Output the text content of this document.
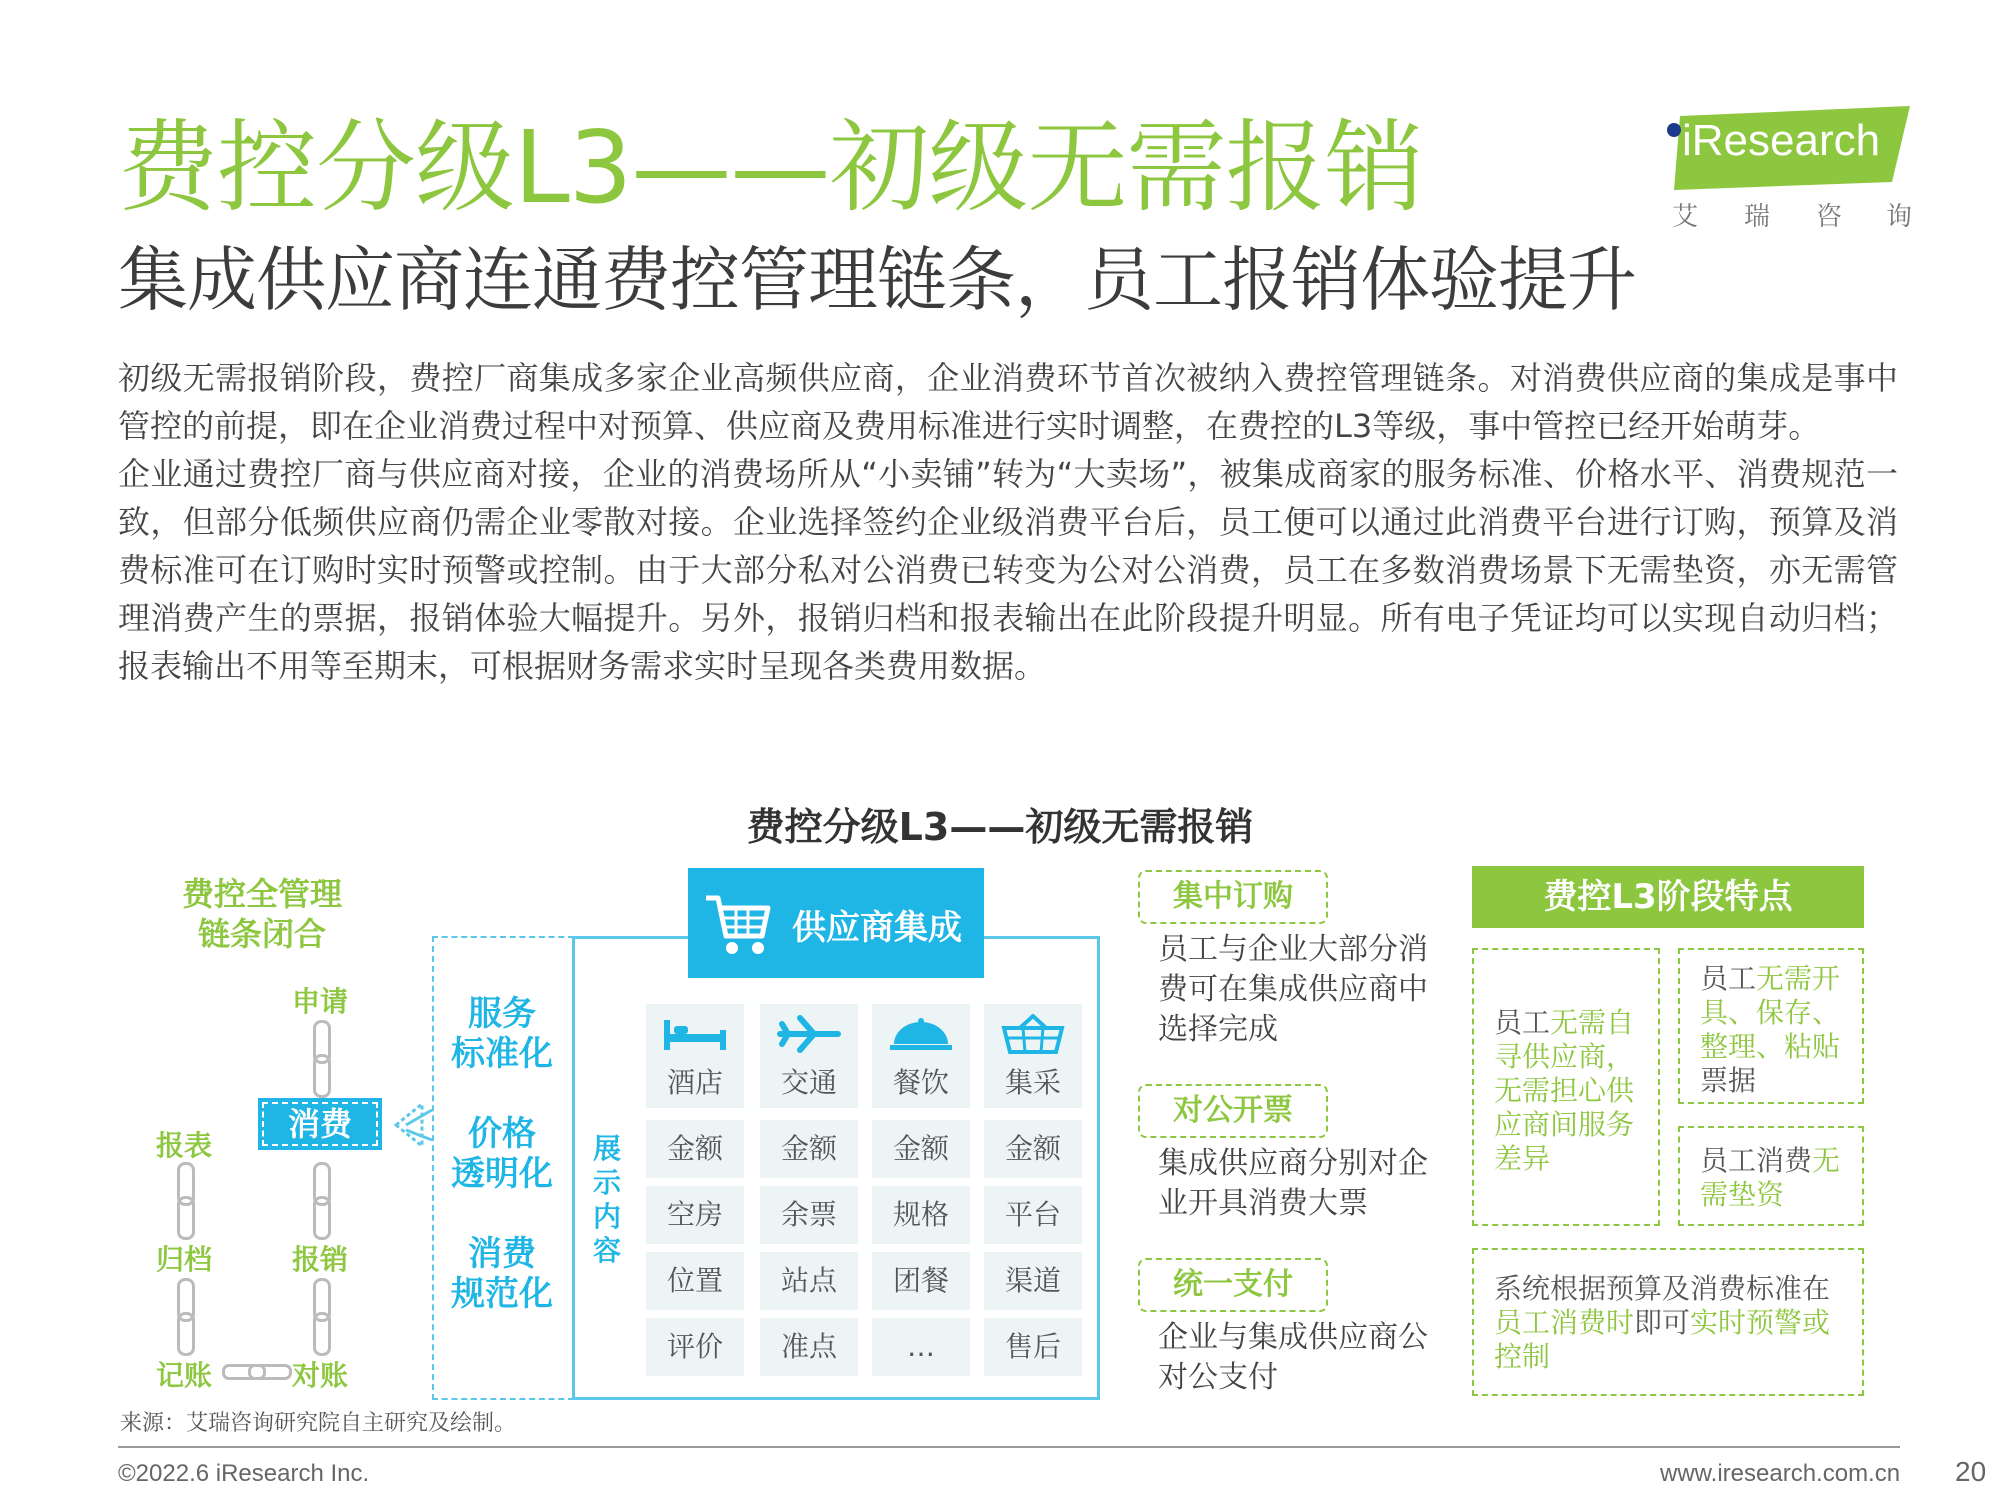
费控分级L3——初级无需报销
集成供应商连通费控管理链条，员工报销体验提升
iResearch
艾 瑞 咨 询

初级无需报销阶段，费控厂商集成多家企业高频供应商，企业消费环节首次被纳入费控管理链条。对消费供应商的集成是事中管控的前提，即在企业消费过程中对预算、供应商及费用标准进行实时调整，在费控的L3等级，事中管控已经开始萌芽。

企业通过费控厂商与供应商对接，企业的消费场所从“小卖铺”转为“大卖场”，被集成商家的服务标准、价格水平、消费规范一致，但部分低频供应商仍需企业零散对接。企业选择签约企业级消费平台后，员工便可以通过此消费平台进行订购，预算及消费标准可在订购时实时预警或控制。由于大部分私对公消费已转变为公对公消费，员工在多数消费场景下无需垫资，亦无需管理消费产生的票据，报销体验大幅提升。另外，报销归档和报表输出在此阶段提升明显。所有电子凭证均可以实现自动归档；报表输出不用等至期末，可根据财务需求实时呈现各类费用数据。

费控分级L3——初级无需报销
费控全管理
链条闭合
申请
消费
报销
对账
报表
归档
记账
服务
标准化
价格
透明化
消费
规范化
展
示
内
容
供应商集成
酒店	交通	餐饮	集采
金额	金额	金额	金额
空房	余票	规格	平台
位置	站点	团餐	渠道
评价	准点	…	售后
集中订购
员工与企业大部分消
费可在集成供应商中
选择完成
对公开票
集成供应商分别对企
业开具消费大票
统一支付
企业与集成供应商公
对公支付
费控L3阶段特点
员工无需自寻供应商，无需担心供应商间服务差异
员工无需开具、保存、整理、粘贴票据
员工消费无需垫资
系统根据预算及消费标准在员工消费时即可实时预警或控制
来源：艾瑞咨询研究院自主研究及绘制。
©2022.6 iResearch Inc.	www.iresearch.com.cn 20
